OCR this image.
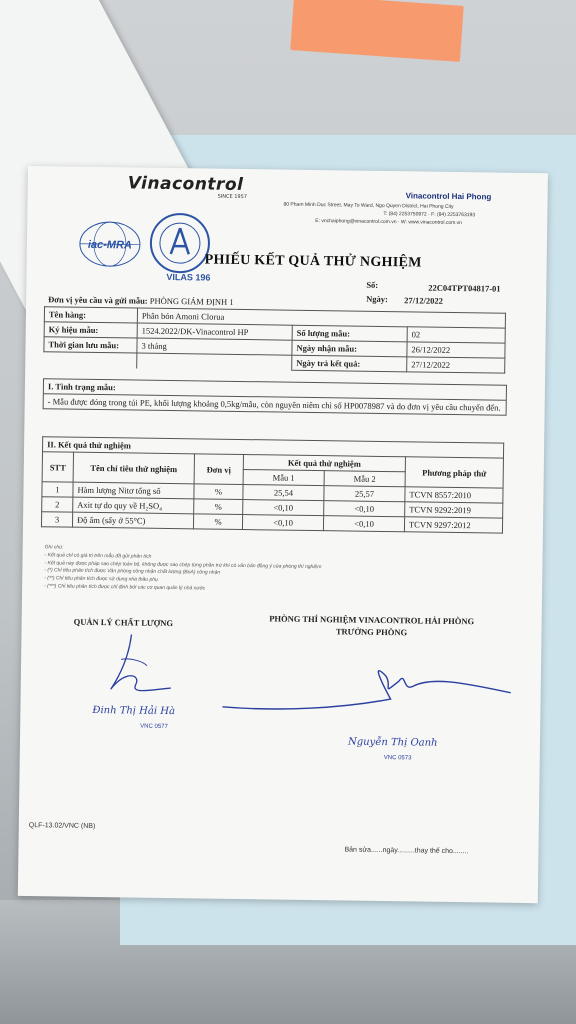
Vinacontrol
SINCE 1957	Vinacontrol Hai Phong
80 Pham Minh Duc Street, May To Ward, Ngo Quyen District, Hai Phong City
T: (84) 2253750972 · F: (84) 2253763193
E: vnchaiphong@vinacontrol.com.vn · W: www.vinacontrol.com.vn
iac-MRA
VILAS 196
PHIẾU KẾT QUẢ THỬ NGHIỆM
Số:	22C04TPT04817-01
Ngày: 27/12/2022
Đơn vị yêu cầu và gửi mẫu: PHÒNG GIÁM ĐỊNH 1
Tên hàng:	Phân bón Amoni Clorua		
Ký hiệu mẫu:	1524.2022/DK-Vinacontrol HP	Số lượng mẫu:	02
Thời gian lưu mẫu:	3 tháng	Ngày nhận mẫu:	26/12/2022
		Ngày trả kết quả:	27/12/2022
I. Tình trạng mẫu:
- Mẫu được đóng trong túi PE, khối lượng khoảng 0,5kg/mẫu, còn nguyên niêm chì số HP0078987 và do đơn vị yêu cầu chuyển đến.
II. Kết quả thử nghiệm
STT	Tên chỉ tiêu thử nghiệm	Đơn vị	Kết quả thử nghiệm		Phương pháp thử
			Mẫu 1	Mẫu 2	
1	Hàm lượng Nitơ tổng số	%	25,54	25,57	TCVN 8557:2010
2	Axit tự do quy về H₂SO₄	%	<0,10	<0,10	TCVN 9292:2019
3	Độ ẩm (sấy ở 55°C)	%	<0,10	<0,10	TCVN 9297:2012
Ghi chú:
- Kết quả chỉ có giá trị trên mẫu đã gửi phân tích
- Kết quả này được pháp sao chép toàn bộ, không được sao chép từng phần trừ khi có văn bản đồng ý của phòng thí nghiệm
- (*) Chỉ tiêu phân tích được Văn phòng công nhận chất lượng (BoA) công nhận
- (**) Chỉ tiêu phân tích được sử dụng nhà thầu phụ
- (***) Chỉ tiêu phân tích được chỉ định bởi các cơ quan quản lý nhà nước
QUẢN LÝ CHẤT LƯỢNG	PHÒNG THÍ NGHIỆM VINACONTROL HẢI PHÒNG
TRƯỞNG PHÒNG
Đinh Thị Hải Hà
VNC 0577
Nguyễn Thị Oanh
VNC 0573
QLF-13.02/VNC (NB)
Bản sửa......ngày.........thay thế cho........
